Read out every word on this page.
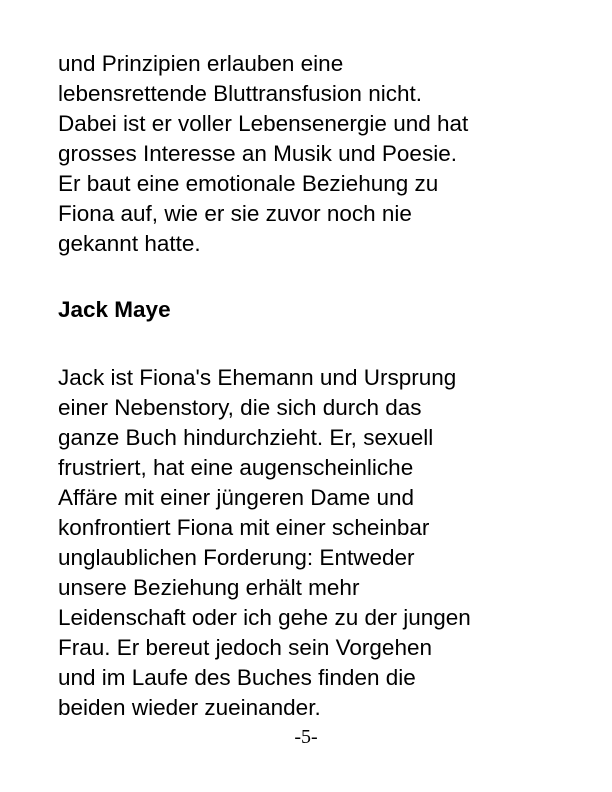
und Prinzipien erlauben eine
lebensrettende Bluttransfusion nicht.
Dabei ist er voller Lebensenergie und hat
grosses Interesse an Musik und Poesie.
Er baut eine emotionale Beziehung zu
Fiona auf, wie er sie zuvor noch nie
gekannt hatte.
Jack Maye
Jack ist Fiona's Ehemann und Ursprung
einer Nebenstory, die sich durch das
ganze Buch hindurchzieht. Er, sexuell
frustriert, hat eine augenscheinliche
Affäre mit einer jüngeren Dame und
konfrontiert Fiona mit einer scheinbar
unglaublichen Forderung: Entweder
unsere Beziehung erhält mehr
Leidenschaft oder ich gehe zu der jungen
Frau. Er bereut jedoch sein Vorgehen
und im Laufe des Buches finden die
beiden wieder zueinander.
-5-
